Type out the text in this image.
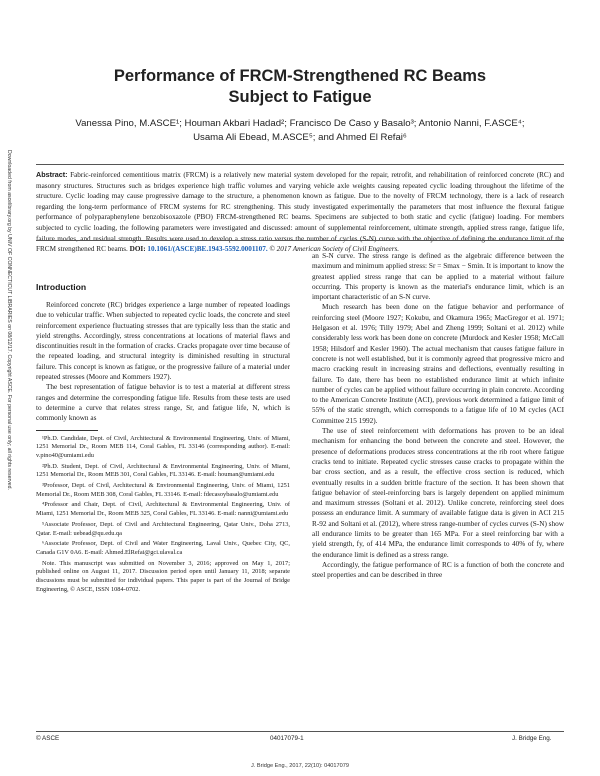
Downloaded from ascelibrary.org by UNIV OF CONNECTICUT LIBRARIES on 08/12/17. Copyright ASCE. For personal use only; all rights reserved.
Performance of FRCM-Strengthened RC Beams
Subject to Fatigue
Vanessa Pino, M.ASCE¹; Houman Akbari Hadad²; Francisco De Caso y Basalo³; Antonio Nanni, F.ASCE⁴;
Usama Ali Ebead, M.ASCE⁵; and Ahmed El Refai⁶
Abstract: Fabric-reinforced cementitious matrix (FRCM) is a relatively new material system developed for the repair, retrofit, and rehabilitation of reinforced concrete (RC) and masonry structures. Structures such as bridges experience high traffic volumes and varying vehicle axle weights causing repeated cyclic loading throughout the lifetime of the structure. Cyclic loading may cause progressive damage to the structure, a phenomenon known as fatigue. Due to the novelty of FRCM technology, there is a lack of research regarding the long-term performance of FRCM systems for RC strengthening. This study investigated experimentally the parameters that most influence the flexural fatigue performance of polyparaphenylene benzobisoxazole (PBO) FRCM-strengthened RC beams. Specimens are subjected to both static and cyclic (fatigue) loading. For members subjected to cyclic loading, the following parameters were investigated and discussed: amount of supplemental reinforcement, ultimate strength, applied stress range, fatigue life, failure modes, and residual strength. Results were used to develop a stress ratio versus the number of cycles (S-N) curve with the objective of defining the endurance limit of the FRCM strengthened RC beams. DOI: 10.1061/(ASCE)BE.1943-5592.0001107. © 2017 American Society of Civil Engineers.
Introduction

Reinforced concrete (RC) bridges experience a large number of repeated loadings due to vehicular traffic. When subjected to repeated cyclic loads, the concrete and steel reinforcement experience fluctuating stresses that are typically less than the static and yield strengths. Accordingly, stress concentrations at locations of material flaws and discontinuities result in the formation of cracks. Cracks propagate over time because of the repeated loading, and structural integrity is diminished resulting in structural failure. This concept is known as fatigue, or the progressive failure of a material under repeated stresses (Moore and Kommers 1927).

The best representation of fatigue behavior is to test a material at different stress ranges and determine the corresponding fatigue life. Results from these tests are used to determine a curve that relates stress range, Sr, and fatigue life, N, which is commonly known as

¹Ph.D. Candidate, Dept. of Civil, Architectural & Environmental Engineering, Univ. of Miami, 1251 Memorial Dr., Room MEB 114, Coral Gables, FL 33146 (corresponding author). E-mail: v.pino40@umiami.edu

²Ph.D. Student, Dept. of Civil, Architectural & Environmental Engineering, Univ. of Miami, 1251 Memorial Dr., Room MEB 301, Coral Gables, FL 33146. E-mail: houman@umiami.edu

³Professor, Dept. of Civil, Architectural & Environmental Engineering, Univ. of Miami, 1251 Memorial Dr., Room MEB 308, Coral Gables, FL 33146. E-mail: fdecasoybasalo@umiami.edu

⁴Professor and Chair, Dept. of Civil, Architectural & Environmental Engineering, Univ. of Miami, 1251 Memorial Dr., Room MEB 325, Coral Gables, FL 33146. E-mail: nanni@umiami.edu

⁵Associate Professor, Dept. of Civil and Architectural Engineering, Qatar Univ., Doha 2713, Qatar. E-mail: uebead@qu.edu.qa

⁶Associate Professor, Dept. of Civil and Water Engineering, Laval Univ., Quebec City, QC, Canada G1V 0A6. E-mail: Ahmed.ElRefai@gci.ulaval.ca

Note. This manuscript was submitted on November 3, 2016; approved on May 1, 2017; published online on August 11, 2017. Discussion period open until January 11, 2018; separate discussions must be submitted for individual papers. This paper is part of the Journal of Bridge Engineering, © ASCE, ISSN 1084-0702.

an S-N curve. The stress range is defined as the algebraic difference between the maximum and minimum applied stress: Sr = Smax − Smin. It is important to know the greatest applied stress range that can be applied to a material without failure occurring. This property is known as the material's endurance limit, which is an important characteristic of an S-N curve.

Much research has been done on the fatigue behavior and performance of reinforcing steel (Moore 1927; Kokubu, and Okamura 1965; MacGregor et al. 1971; Helgason et al. 1976; Tilly 1979; Abel and Zheng 1999; Soltani et al. 2012) while considerably less work has been done on concrete (Murdock and Kesler 1958; McCall 1958; Hilsdorf and Kesler 1960). The actual mechanism that causes fatigue failure in concrete is not well established, but it is commonly agreed that progressive micro and macro cracking result in increasing strains and deflections, eventually resulting in failure. To date, there has been no established endurance limit at which infinite number of cycles can be applied without failure occurring in plain concrete. According to the American Concrete Institute (ACI), previous work determined a fatigue limit of 55% of the static strength, which corresponds to a fatigue life of 10 M cycles (ACI Committee 215 1992).

The use of steel reinforcement with deformations has proven to be an ideal mechanism for enhancing the bond between the concrete and steel. However, the presence of deformations produces stress concentrations at the rib root where fatigue cracks tend to initiate. Repeated cyclic stresses cause cracks to propagate within the bar cross section, and as a result, the effective cross section is reduced, which eventually results in a sudden brittle fracture of the section. It has been shown that fatigue behavior of steel-reinforcing bars is largely dependent on applied minimum and maximum stresses (Soltani et al. 2012). Unlike concrete, reinforcing steel does possess an endurance limit. A summary of available fatigue data is given in ACI 215 R-92 and Soltani et al. (2012), where stress range-number of cycles curves (S-N) show all endurance limits to be greater than 165 MPa. For a steel reinforcing bar with a yield strength, fy, of 414 MPa, the endurance limit corresponds to 40% of fy, where the endurance limit is defined as a stress range.

Accordingly, the fatigue performance of RC is a function of both the concrete and steel properties and can be described in three

© ASCE	04017079-1	J. Bridge Eng.
J. Bridge Eng., 2017, 22(10): 04017079
